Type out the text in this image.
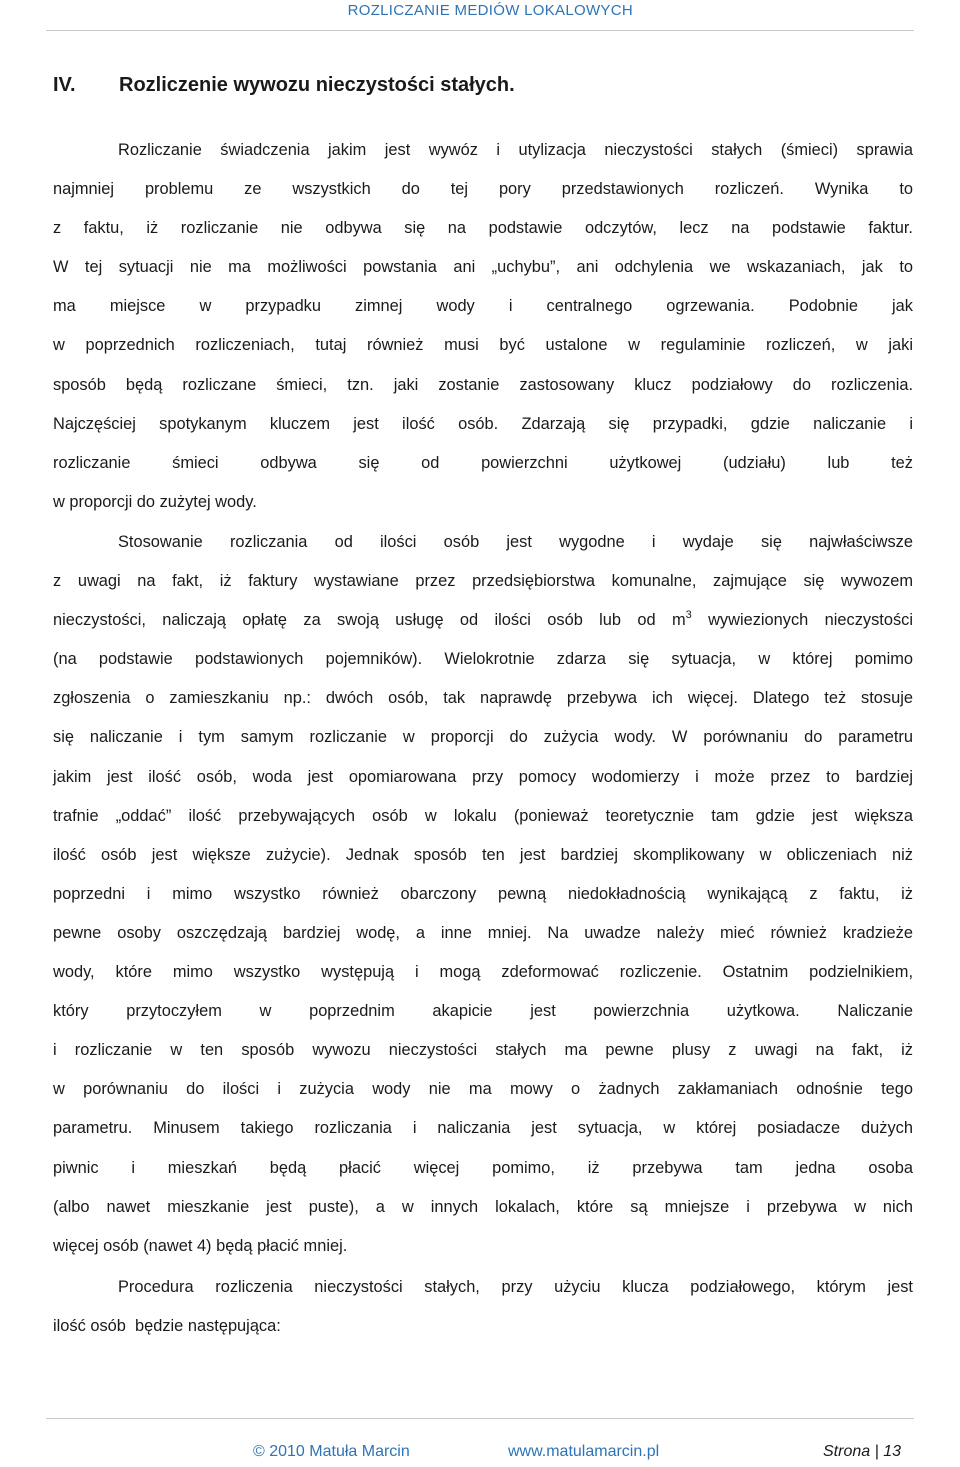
ROZLICZANIE MEDIÓW LOKALOWYCH
IV. Rozliczenie wywozu nieczystości stałych.

Rozliczanie świadczenia jakim jest wywóz i utylizacja nieczystości stałych (śmieci) sprawia
najmniej problemu ze wszystkich do tej pory przedstawionych rozliczeń. Wynika to
z faktu, iż rozliczanie nie odbywa się na podstawie odczytów, lecz na podstawie faktur.
W tej sytuacji nie ma możliwości powstania ani „uchybu”, ani odchylenia we wskazaniach, jak to
ma miejsce w przypadku zimnej wody i centralnego ogrzewania. Podobnie jak
w poprzednich rozliczeniach, tutaj również musi być ustalone w regulaminie rozliczeń, w jaki
sposób będą rozliczane śmieci, tzn. jaki zostanie zastosowany klucz podziałowy do rozliczenia.
Najczęściej spotykanym kluczem jest ilość osób. Zdarzają się przypadki, gdzie naliczanie i
rozliczanie śmieci odbywa się od powierzchni użytkowej (udziału) lub też
w proporcji do zużytej wody.

Stosowanie rozliczania od ilości osób jest wygodne i wydaje się najwłaściwsze
z uwagi na fakt, iż faktury wystawiane przez przedsiębiorstwa komunalne, zajmujące się wywozem
nieczystości, naliczają opłatę za swoją usługę od ilości osób lub od $m^3$ wywiezionych nieczystości
(na podstawie podstawionych pojemników). Wielokrotnie zdarza się sytuacja, w której pomimo
zgłoszenia o zamieszkaniu np.: dwóch osób, tak naprawdę przebywa ich więcej. Dlatego też stosuje
się naliczanie i tym samym rozliczanie w proporcji do zużycia wody. W porównaniu do parametru
jakim jest ilość osób, woda jest opomiarowana przy pomocy wodomierzy i może przez to bardziej
trafnie „oddać” ilość przebywających osób w lokalu (ponieważ teoretycznie tam gdzie jest większa
ilość osób jest większe zużycie). Jednak sposób ten jest bardziej skomplikowany w obliczeniach niż
poprzedni i mimo wszystko również obarczony pewną niedokładnością wynikającą z faktu, iż
pewne osoby oszczędzają bardziej wodę, a inne mniej. Na uwadze należy mieć również kradzieże
wody, które mimo wszystko występują i mogą zdeformować rozliczenie. Ostatnim podzielnikiem,
który przytoczyłem w poprzednim akapicie jest powierzchnia użytkowa. Naliczanie
i rozliczanie w ten sposób wywozu nieczystości stałych ma pewne plusy z uwagi na fakt, iż
w porównaniu do ilości i zużycia wody nie ma mowy o żadnych zakłamaniach odnośnie tego
parametru. Minusem takiego rozliczania i naliczania jest sytuacja, w której posiadacze dużych
piwnic i mieszkań będą płacić więcej pomimo, iż przebywa tam jedna osoba
(albo nawet mieszkanie jest puste), a w innych lokalach, które są mniejsze i przebywa w nich
więcej osób (nawet 4) będą płacić mniej.

Procedura rozliczenia nieczystości stałych, przy użyciu klucza podziałowego, którym jest
ilość osób  będzie następująca:

© 2010 Matuła Marcin	www.matulamarcin.pl	Strona | 13
